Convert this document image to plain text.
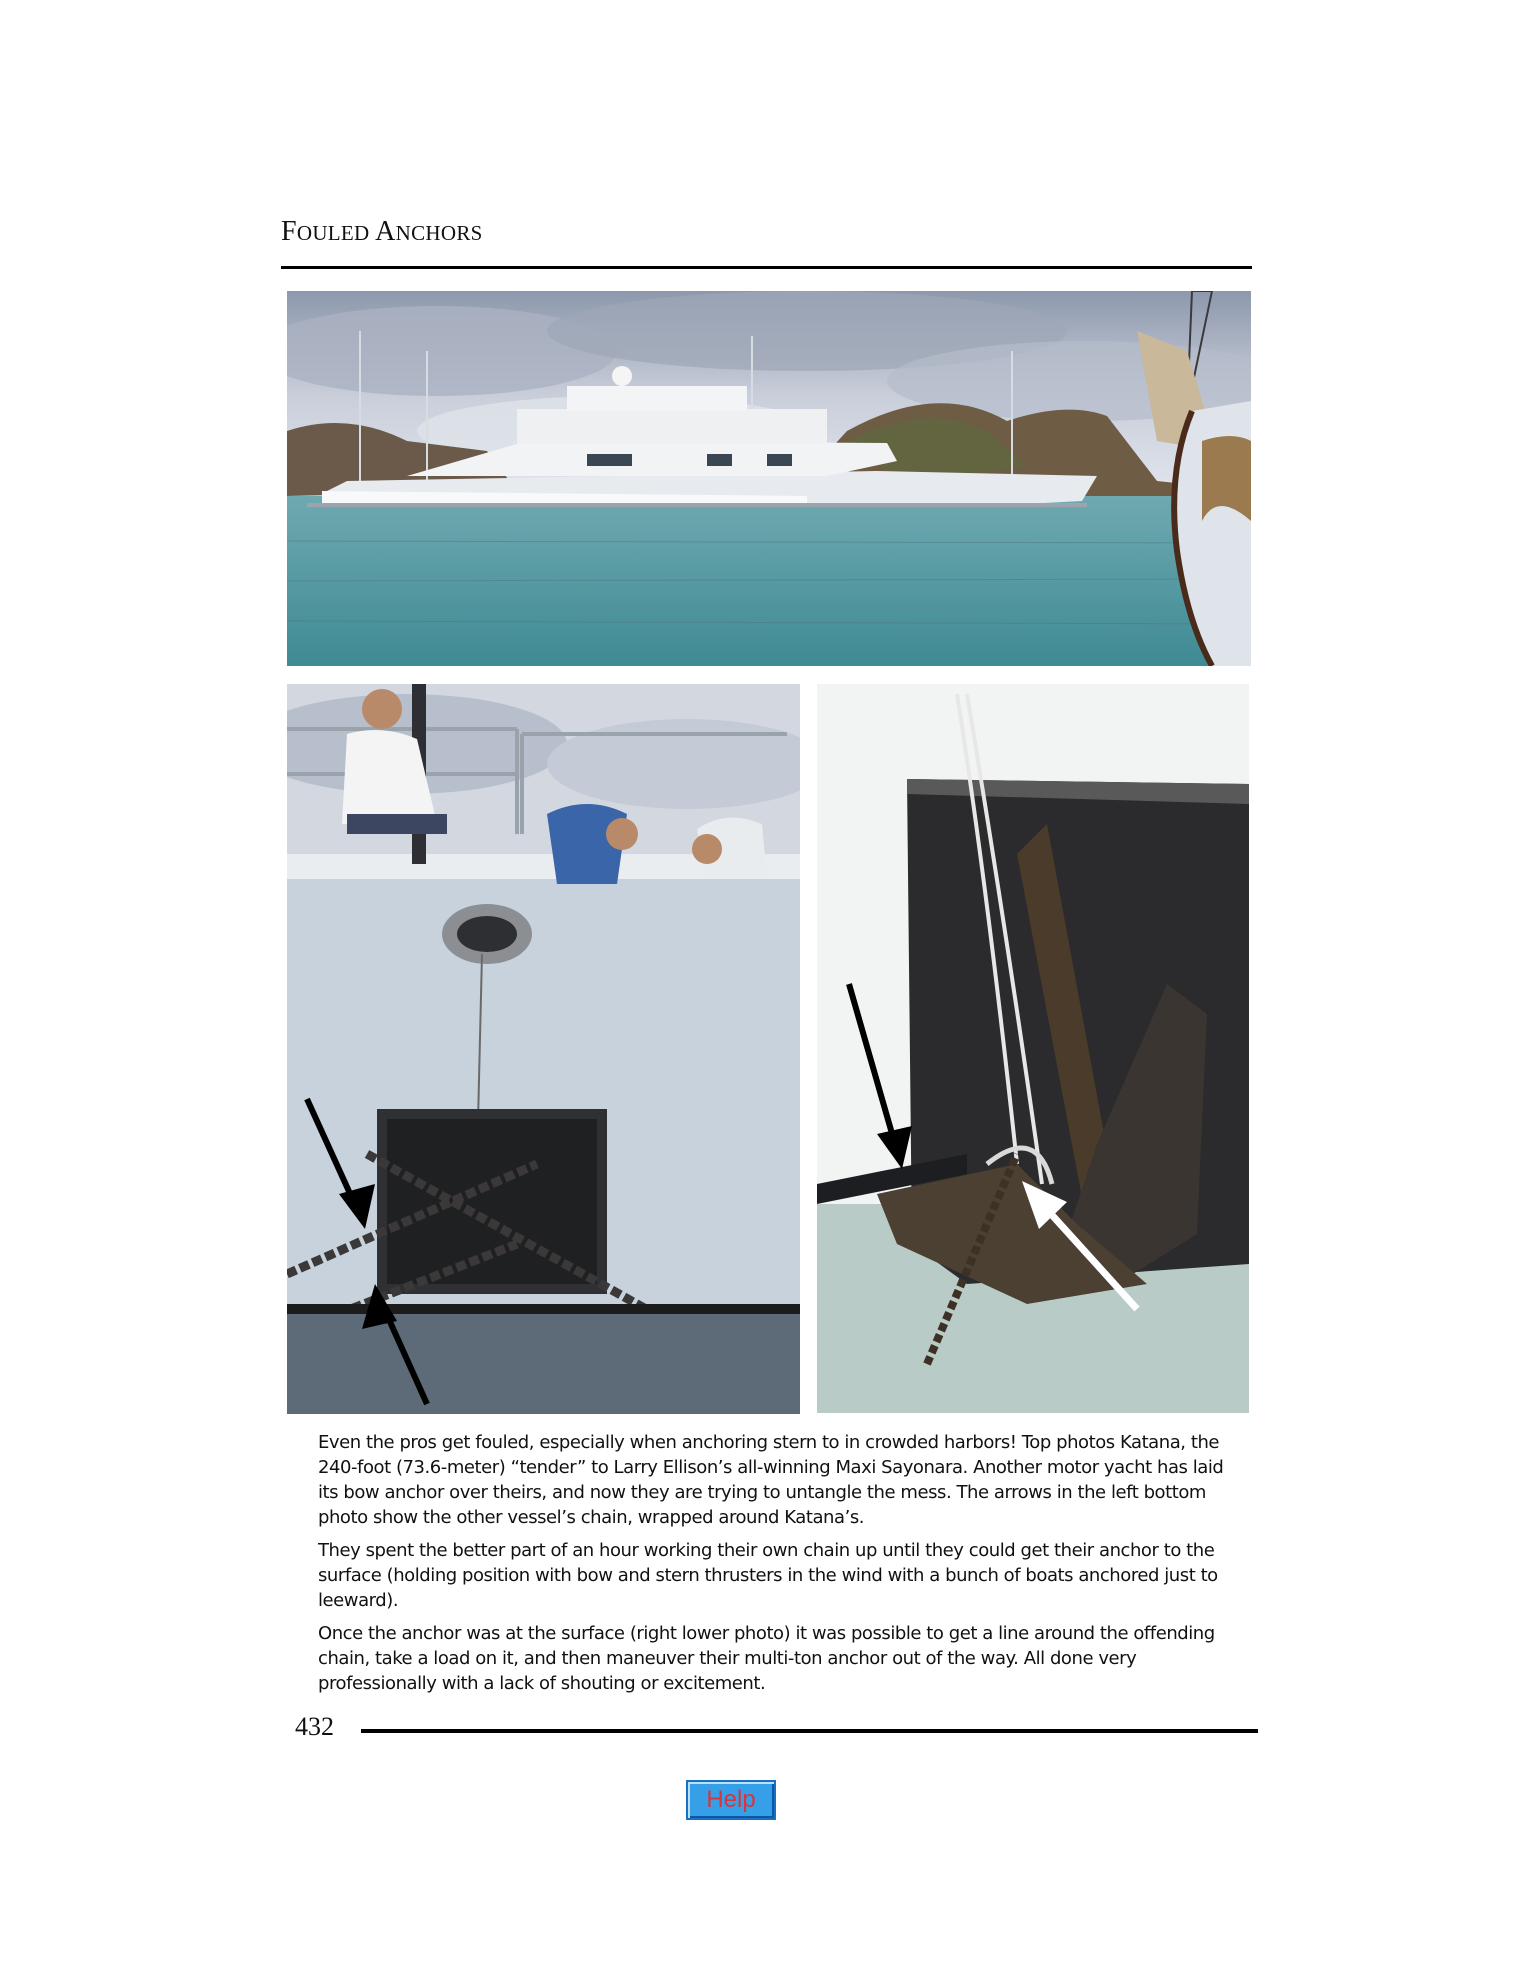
FOULED ANCHORS

Even the pros get fouled, especially when anchoring stern to in crowded harbors! Top photos Katana, the 240-foot (73.6-meter) “tender” to Larry Ellison’s all-winning Maxi Sayonara. Another motor yacht has laid its bow anchor over theirs, and now they are trying to untangle the mess. The arrows in the left bottom photo show the other vessel’s chain, wrapped around Katana’s.

They spent the better part of an hour working their own chain up until they could get their anchor to the surface (holding position with bow and stern thrusters in the wind with a bunch of boats anchored just to leeward).

Once the anchor was at the surface (right lower photo) it was possible to get a line around the offending chain, take a load on it, and then maneuver their multi-ton anchor out of the way. All done very professionally with a lack of shouting or excitement.

432
Help
